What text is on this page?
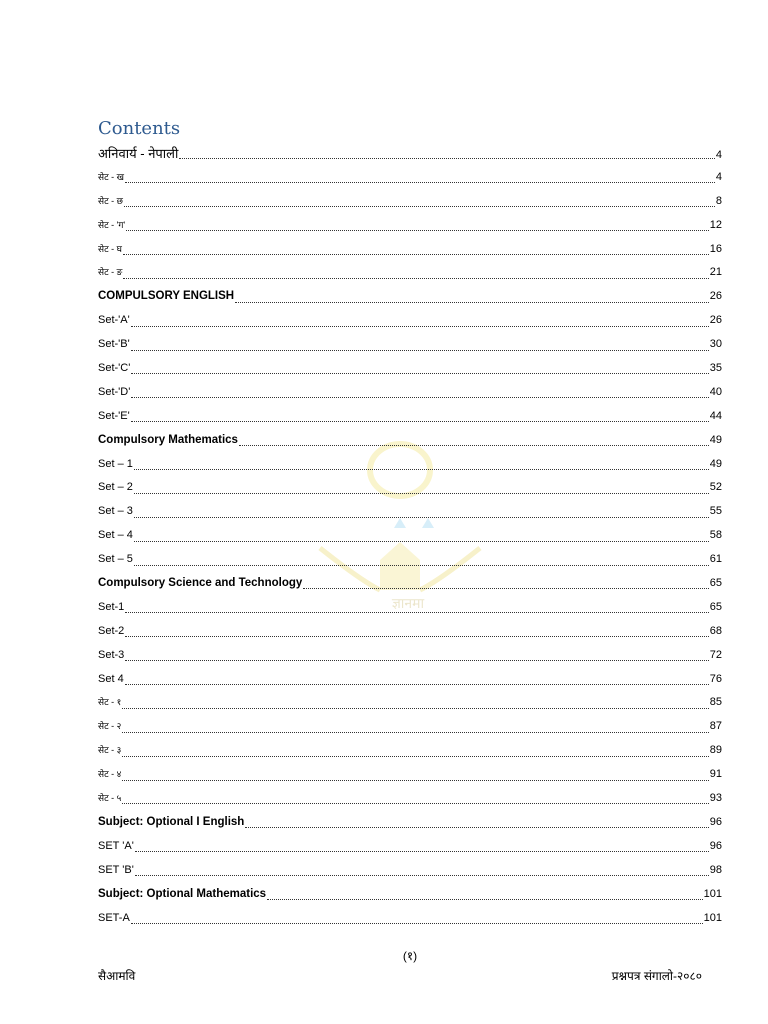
ज्ञानमा
Contents
अनिवार्य - नेपाली	4
सेट - ख	4
सेट - छ	8
सेट - 'ग'	12
सेट - घ	16
सेट - ङ	21
COMPULSORY ENGLISH	26
Set-'A'	26
Set-'B'	30
Set-'C'	35
Set-'D'	40
Set-'E'	44
Compulsory Mathematics	49
Set – 1	49
Set – 2	52
Set – 3	55
Set – 4	58
Set – 5	61
Compulsory Science and Technology	65
Set-1	65
Set-2	68
Set-3	72
Set 4	76
सेट - १	85
सेट - २	87
सेट - ३	89
सेट - ४	91
सेट - ५	93
Subject: Optional I English	96
SET 'A'	96
SET 'B'	98
Subject: Optional Mathematics	101
SET-A	101
(१)
सैआमवि	प्रश्नपत्र संगालो-२०८०
